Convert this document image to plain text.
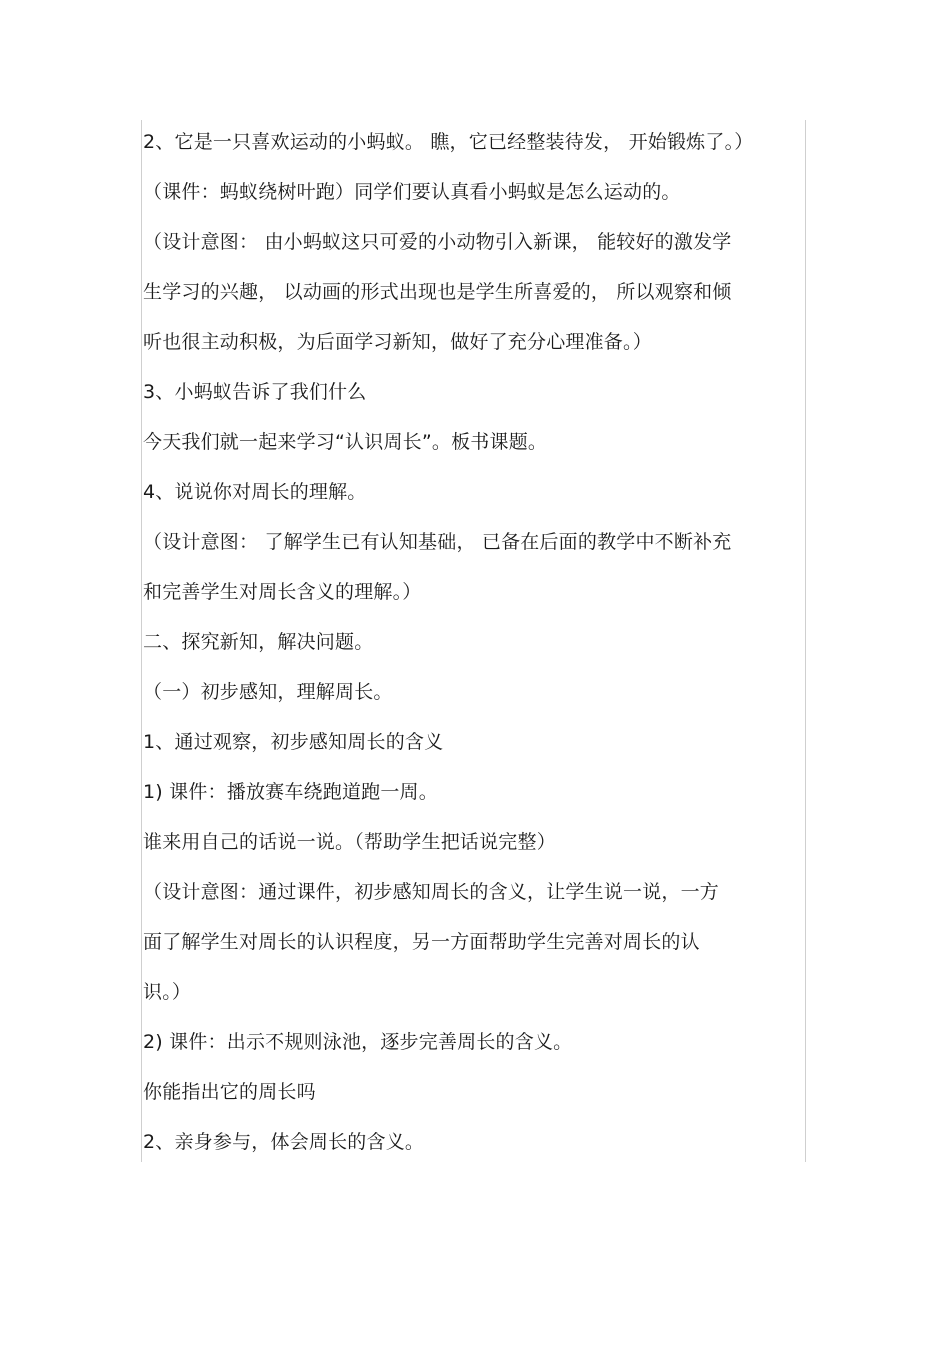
2、它是一只喜欢运动的小蚂蚁。 瞧，它已经整装待发， 开始锻炼了。）
（课件：蚂蚁绕树叶跑）同学们要认真看小蚂蚁是怎么运动的。
（设计意图： 由小蚂蚁这只可爱的小动物引入新课， 能较好的激发学
生学习的兴趣， 以动画的形式出现也是学生所喜爱的， 所以观察和倾
听也很主动积极，为后面学习新知，做好了充分心理准备。）
3、小蚂蚁告诉了我们什么
今天我们就一起来学习“认识周长”。板书课题。
4、说说你对周长的理解。
（设计意图： 了解学生已有认知基础， 已备在后面的教学中不断补充
和完善学生对周长含义的理解。）
二、探究新知，解决问题。
（一）初步感知，理解周长。
1、通过观察，初步感知周长的含义
1) 课件：播放赛车绕跑道跑一周。
谁来用自己的话说一说。（帮助学生把话说完整）
（设计意图：通过课件，初步感知周长的含义，让学生说一说，一方
面了解学生对周长的认识程度，另一方面帮助学生完善对周长的认
识。）
2) 课件：出示不规则泳池，逐步完善周长的含义。
你能指出它的周长吗
2、亲身参与，体会周长的含义。
